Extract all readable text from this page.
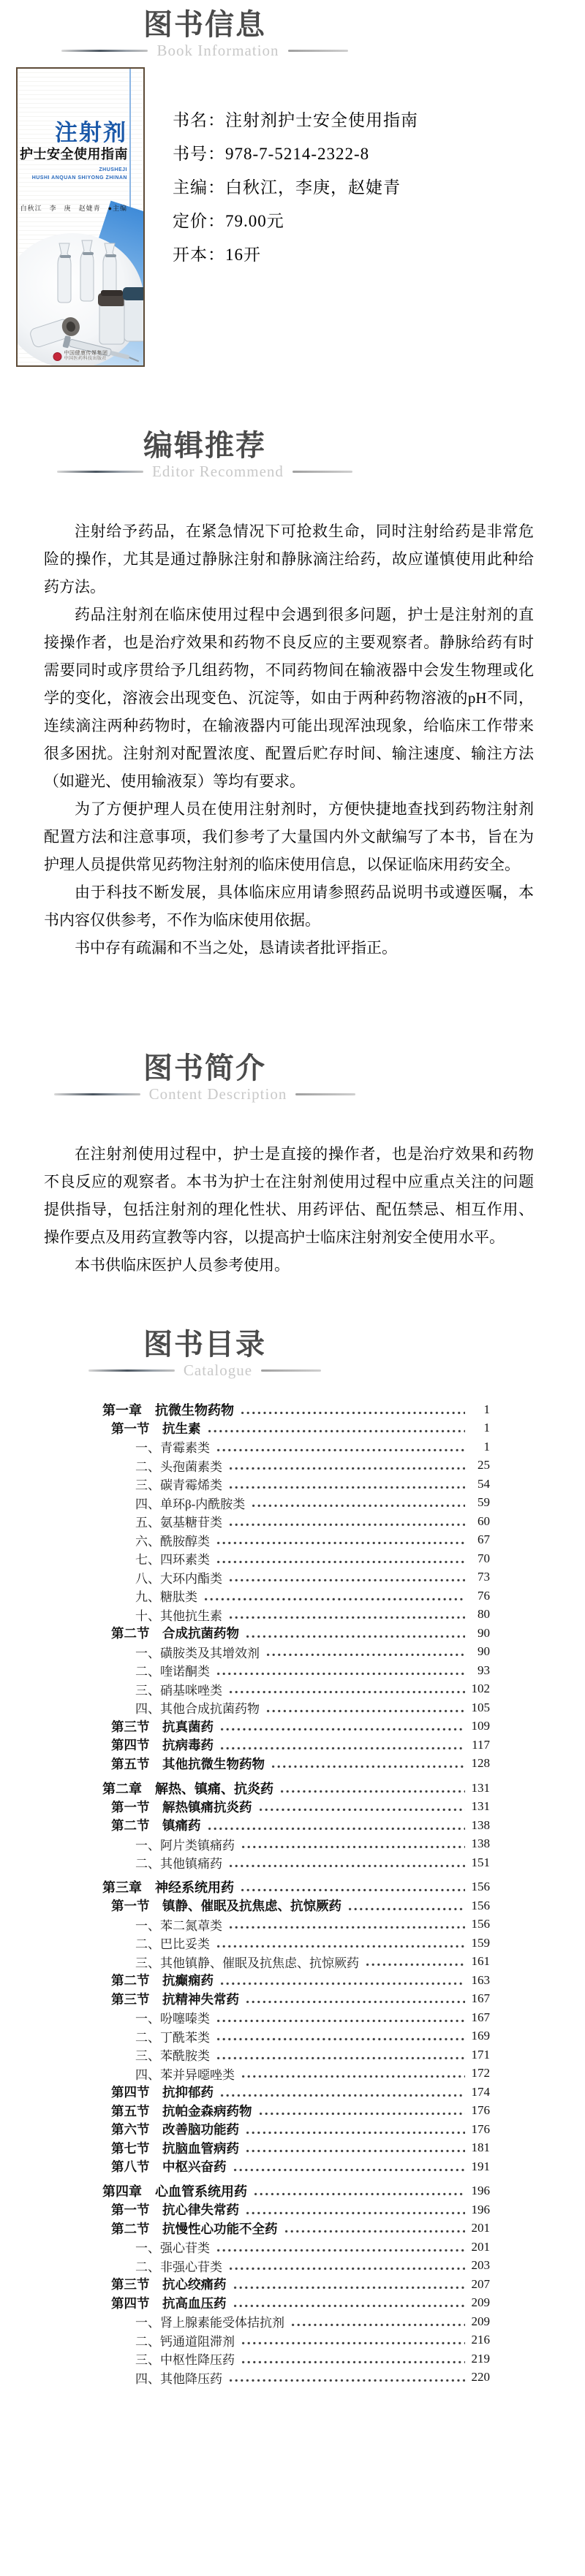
图书信息
Book Information
注射剂
护士安全使用指南
ZHUSHEJI
HUSHI ANQUAN SHIYONG ZHINAN
白秋江　李　庚　赵婕青　●主编
中国健康传媒集团
中国医药科技出版社
书名：注射剂护士安全使用指南
书号：978-7-5214-2322-8
主编：白秋江，李庚，赵婕青
定价：79.00元
开本：16开
编辑推荐
Editor Recommend

注射给予药品，在紧急情况下可抢救生命，同时注射给药是非常危险的操作，尤其是通过静脉注射和静脉滴注给药，故应谨慎使用此种给药方法。

药品注射剂在临床使用过程中会遇到很多问题，护士是注射剂的直接操作者，也是治疗效果和药物不良反应的主要观察者。静脉给药有时需要同时或序贯给予几组药物，不同药物间在输液器中会发生物理或化学的变化，溶液会出现变色、沉淀等，如由于两种药物溶液的pH不同，连续滴注两种药物时，在输液器内可能出现浑浊现象，给临床工作带来很多困扰。注射剂对配置浓度、配置后贮存时间、输注速度、输注方法（如避光、使用输液泵）等均有要求。

为了方便护理人员在使用注射剂时，方便快捷地查找到药物注射剂配置方法和注意事项，我们参考了大量国内外文献编写了本书，旨在为护理人员提供常见药物注射剂的临床使用信息，以保证临床用药安全。

由于科技不断发展，具体临床应用请参照药品说明书或遵医嘱，本书内容仅供参考，不作为临床使用依据。

书中存有疏漏和不当之处，恳请读者批评指正。

图书简介
Content Description

在注射剂使用过程中，护士是直接的操作者，也是治疗效果和药物不良反应的观察者。本书为护士在注射剂使用过程中应重点关注的问题提供指导，包括注射剂的理化性状、用药评估、配伍禁忌、相互作用、操作要点及用药宣教等内容，以提高护士临床注射剂安全使用水平。

本书供临床医护人员参考使用。

图书目录
Catalogue
第一章　抗微生物药物	1
第一节　抗生素	1
一、青霉素类	1
二、头孢菌素类	25
三、碳青霉烯类	54
四、单环β-内酰胺类	59
五、氨基糖苷类	60
六、酰胺醇类	67
七、四环素类	70
八、大环内酯类	73
九、糖肽类	76
十、其他抗生素	80
第二节　合成抗菌药物	90
一、磺胺类及其增效剂	90
二、喹诺酮类	93
三、硝基咪唑类	102
四、其他合成抗菌药物	105
第三节　抗真菌药	109
第四节　抗病毒药	117
第五节　其他抗微生物药物	128
第二章　解热、镇痛、抗炎药	131
第一节　解热镇痛抗炎药	131
第二节　镇痛药	138
一、阿片类镇痛药	138
二、其他镇痛药	151
第三章　神经系统用药	156
第一节　镇静、催眠及抗焦虑、抗惊厥药	156
一、苯二氮䓬类	156
二、巴比妥类	159
三、其他镇静、催眠及抗焦虑、抗惊厥药	161
第二节　抗癫痫药	163
第三节　抗精神失常药	167
一、吩噻嗪类	167
二、丁酰苯类	169
三、苯酰胺类	171
四、苯并异噁唑类	172
第四节　抗抑郁药	174
第五节　抗帕金森病药物	176
第六节　改善脑功能药	176
第七节　抗脑血管病药	181
第八节　中枢兴奋药	191
第四章　心血管系统用药	196
第一节　抗心律失常药	196
第二节　抗慢性心功能不全药	201
一、强心苷类	201
二、非强心苷类	203
第三节　抗心绞痛药	207
第四节　抗高血压药	209
一、肾上腺素能受体拮抗剂	209
二、钙通道阻滞剂	216
三、中枢性降压药	219
四、其他降压药	220
